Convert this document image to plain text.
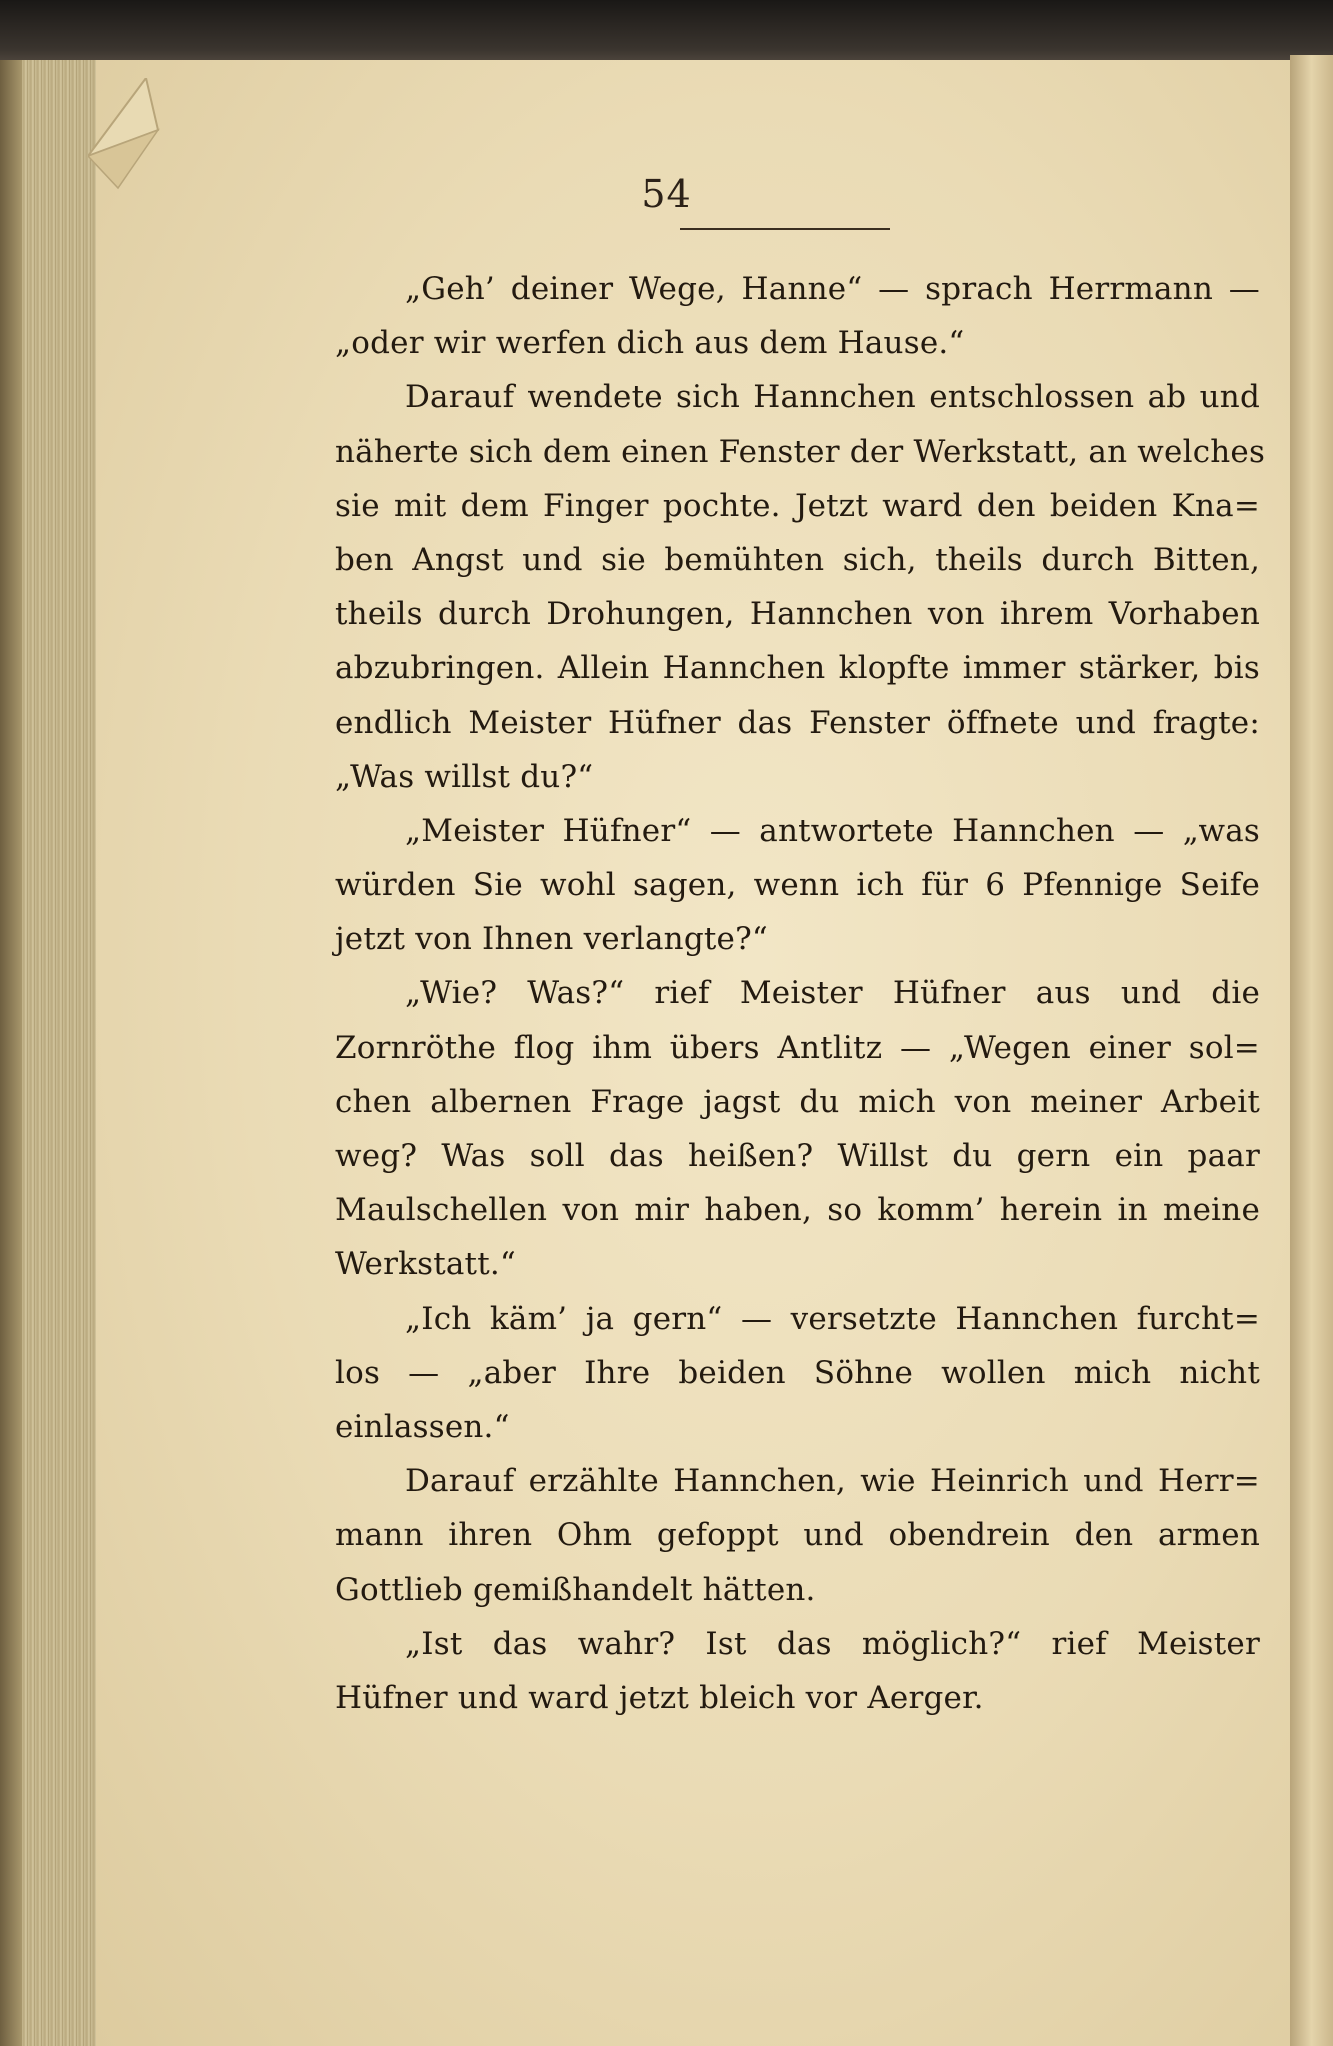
54
„Geh’ deiner Wege, Hanne“ — sprach Herrmann —
„oder wir werfen dich aus dem Hause.“
Darauf wendete sich Hannchen entschlossen ab und
näherte sich dem einen Fenster der Werkstatt, an welches
sie mit dem Finger pochte. Jetzt ward den beiden Kna=
ben Angst und sie bemühten sich, theils durch Bitten,
theils durch Drohungen, Hannchen von ihrem Vorhaben
abzubringen. Allein Hannchen klopfte immer stärker, bis
endlich Meister Hüfner das Fenster öffnete und fragte:
„Was willst du?“
„Meister Hüfner“ — antwortete Hannchen — „was
würden Sie wohl sagen, wenn ich für 6 Pfennige Seife
jetzt von Ihnen verlangte?“
„Wie? Was?“ rief Meister Hüfner aus und die
Zornröthe flog ihm übers Antlitz — „Wegen einer sol=
chen albernen Frage jagst du mich von meiner Arbeit
weg? Was soll das heißen? Willst du gern ein paar
Maulschellen von mir haben, so komm’ herein in meine
Werkstatt.“
„Ich käm’ ja gern“ — versetzte Hannchen furcht=
los — „aber Ihre beiden Söhne wollen mich nicht
einlassen.“
Darauf erzählte Hannchen, wie Heinrich und Herr=
mann ihren Ohm gefoppt und obendrein den armen
Gottlieb gemißhandelt hätten.
„Ist das wahr? Ist das möglich?“ rief Meister
Hüfner und ward jetzt bleich vor Aerger.
